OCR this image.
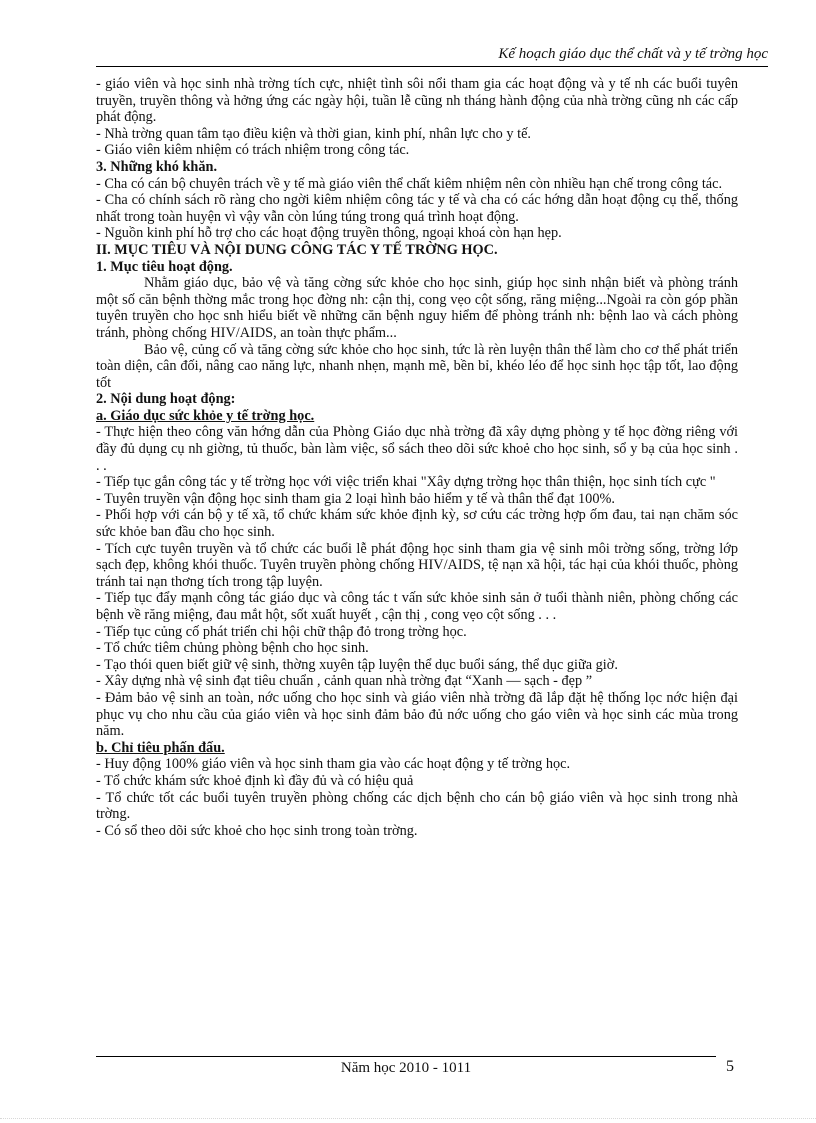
Kế hoạch giáo dục thể chất và y tế trờng học

- giáo viên và học sinh nhà trờng tích cực, nhiệt tình sôi nổi tham gia các hoạt động và y tế nh các buổi tuyên truyền, truyền thông và hởng ứng các ngày hội, tuần lễ cũng nh tháng hành động của nhà trờng cũng nh các cấp phát động.

- Nhà trờng quan tâm tạo điều kiện và thời gian, kinh phí, nhân lực cho y tế.

- Giáo viên kiêm nhiệm có trách nhiệm trong công tác.

3. Những khó khăn.

- Cha có cán bộ chuyên trách về y tế mà giáo viên thể chất kiêm nhiệm nên còn nhiều hạn chế trong công tác.

- Cha có chính sách rõ ràng cho ngời kiêm nhiệm công tác y tế và cha có các hớng dẫn hoạt động cụ thể, thống nhất trong toàn huyện vì vậy vẫn còn lúng túng trong quá trình hoạt động.

- Nguồn kinh phí hỗ trợ cho các hoạt động truyền thông, ngoại khoá còn hạn hẹp.

II. MỤC TIÊU VÀ NỘI DUNG CÔNG TÁC Y TẾ TRỜNG HỌC.

1. Mục tiêu hoạt động.

Nhằm giáo dục, bảo vệ và tăng cờng sức khỏe cho học sinh, giúp học sinh nhận biết và phòng tránh một số căn bệnh thờng mắc trong học đờng nh: cận thị, cong vẹo cột sống, răng miệng...Ngoài ra còn góp phần tuyên truyền cho học snh hiểu biết về những căn bệnh nguy hiểm để phòng tránh nh: bệnh lao và cách phòng tránh, phòng chống HIV/AIDS, an toàn thực phẩm...

Bảo vệ, củng cố và tăng cờng sức khỏe cho học sinh, tức là rèn luyện thân thể làm cho cơ thể phát triển toàn diện, cân đối, nâng cao năng lực, nhanh nhẹn, mạnh mẽ, bền bỉ, khéo léo để học sinh học tập tốt, lao động tốt

2. Nội dung hoạt động:

a. Giáo dục sức khỏe y tế trờng học.

- Thực hiện theo công văn hớng dẫn của Phòng Giáo dục nhà trờng đã xây dựng phòng y tế học đờng riêng với đầy đủ dụng cụ nh giờng, tủ thuốc, bàn làm việc, sổ sách theo dõi sức khoẻ cho học sinh, sổ y bạ của học sinh . . .

- Tiếp tục gắn công tác y tế trờng học với việc triển khai "Xây dựng trờng học thân thiện, học sinh tích cực "

- Tuyên truyền vận động học sinh tham gia 2 loại hình bảo hiểm y tế và thân thể đạt 100%.

- Phối hợp với cán bộ y tế xã, tổ chức khám sức khỏe định kỳ, sơ cứu các trờng hợp ốm đau, tai nạn chăm sóc sức khỏe ban đầu cho học sinh.

- Tích cực tuyên truyền và tổ chức các buổi lễ phát động học sinh tham gia vệ sinh môi trờng sống, trờng lớp sạch đẹp, không khói thuốc. Tuyên truyền phòng chống HIV/AIDS, tệ nạn xã hội, tác hại của khói thuốc, phòng tránh tai nạn thơng tích trong tập luyện.

- Tiếp tục đẩy mạnh công tác giáo dục và công tác t vấn sức khỏe sinh sản ở tuổi thành niên, phòng chống các bệnh về răng miệng, đau mắt hột, sốt xuất huyết , cận thị , cong vẹo cột sống . . .

- Tiếp tục củng cố phát triển chi hội chữ thập đỏ trong trờng học.

- Tổ chức tiêm chủng phòng bệnh cho học sinh.

- Tạo thói quen biết giữ vệ sinh, thờng xuyên tập luyện thể dục buổi sáng, thể dục giữa giờ.

- Xây dựng nhà vệ sinh đạt tiêu chuẩn , cảnh quan nhà trờng đạt “Xanh — sạch - đẹp ”

- Đảm bảo vệ sinh an toàn, nớc uống cho học sinh và giáo viên nhà trờng đã lắp đặt hệ thống lọc nớc hiện đại phục vụ cho nhu cầu của giáo viên và học sinh đảm bảo đủ nớc uống cho gáo viên và học sinh các mùa trong năm.

b. Chỉ tiêu phấn đấu.

- Huy động 100% giáo viên và học sinh tham gia vào các hoạt động y tế trờng học.

- Tổ chức khám sức khoẻ định kì đầy đủ và có hiệu quả

- Tổ chức tốt các buổi tuyên truyền phòng chống các dịch bệnh cho cán bộ giáo viên và học sinh trong nhà trờng.

- Có sổ theo dõi sức khoẻ cho học sinh trong toàn trờng.

Năm học 2010 - 1011	5
